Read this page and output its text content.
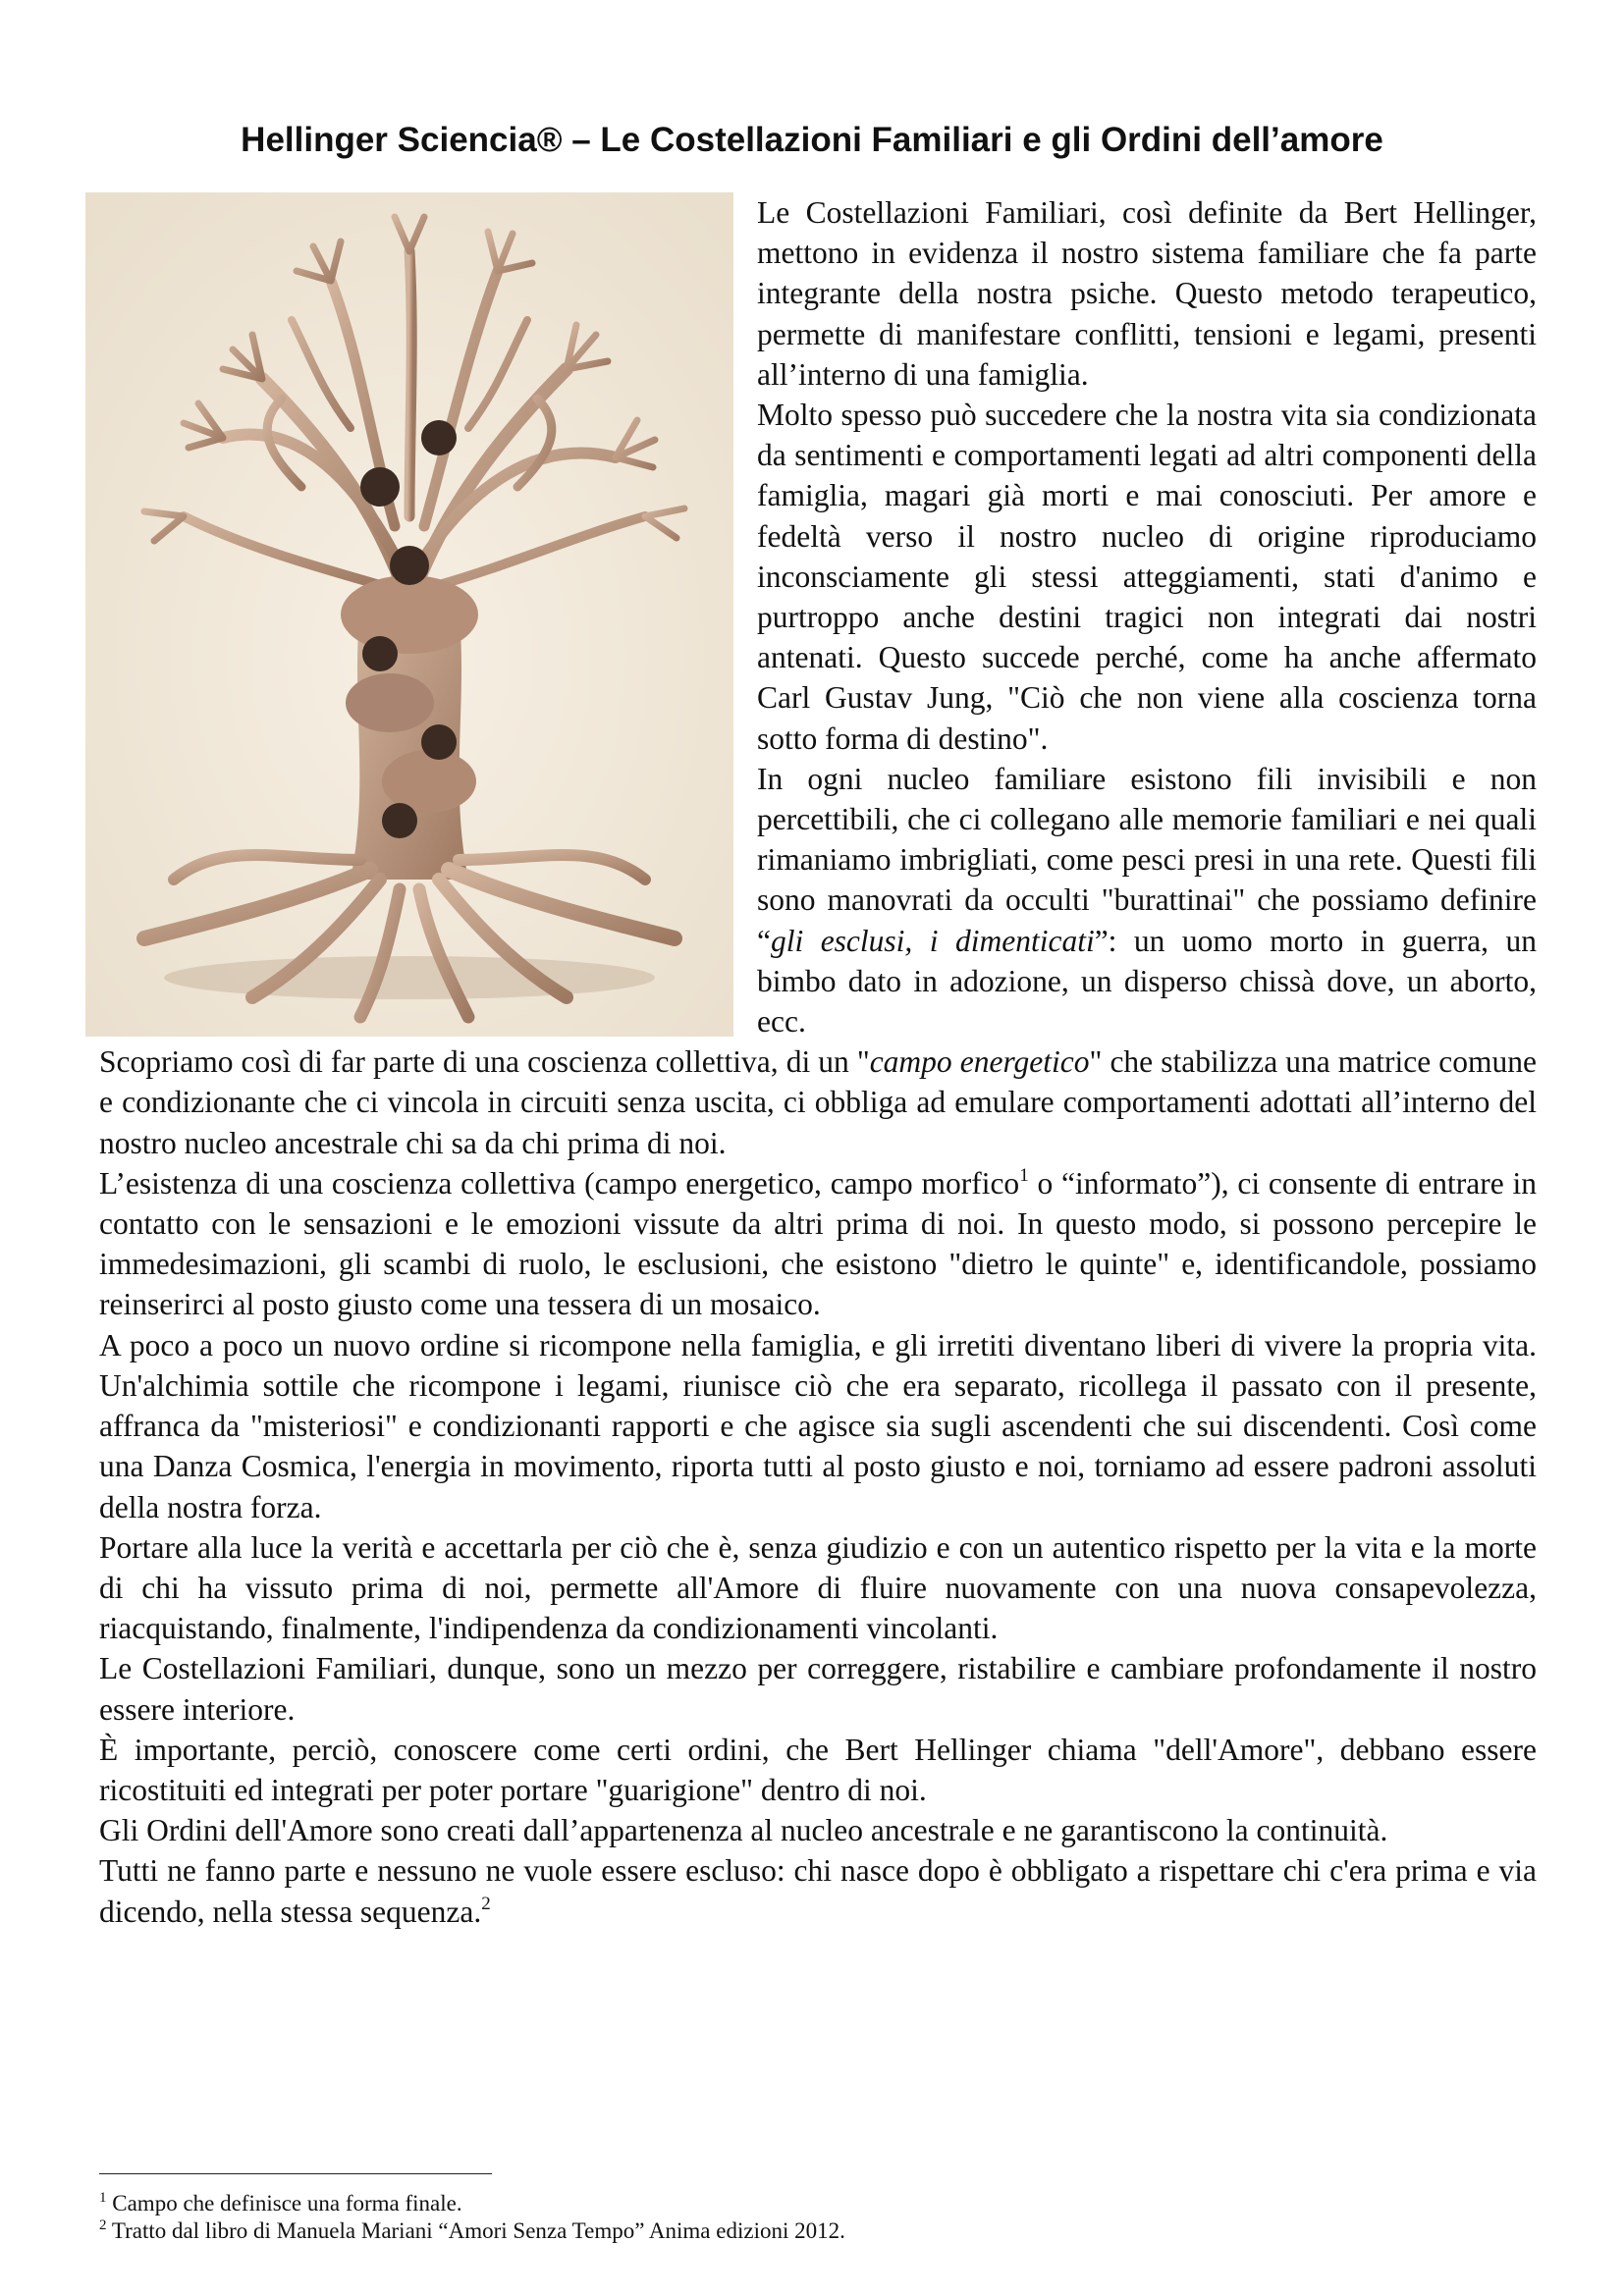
Hellinger Sciencia® – Le Costellazioni Familiari e gli Ordini dell’amore

Le Costellazioni Familiari, così definite da Bert Hellinger, mettono in evidenza il nostro sistema familiare che fa parte integrante della nostra psiche. Questo metodo terapeutico, permette di manifestare conflitti, tensioni e legami, presenti all’interno di una famiglia.

Molto spesso può succedere che la nostra vita sia condizionata da sentimenti e comportamenti legati ad altri componenti della famiglia, magari già morti e mai conosciuti. Per amore e fedeltà verso il nostro nucleo di origine riproduciamo inconsciamente gli stessi atteggiamenti, stati d'animo e purtroppo anche destini tragici non integrati dai nostri antenati. Questo succede perché, come ha anche affermato Carl Gustav Jung, "Ciò che non viene alla coscienza torna sotto forma di destino".

In ogni nucleo familiare esistono fili invisibili e non percettibili, che ci collegano alle memorie familiari e nei quali rimaniamo imbrigliati, come pesci presi in una rete. Questi fili sono manovrati da occulti "burattinai" che possiamo definire “gli esclusi, i dimenticati”: un uomo morto in guerra, un bimbo dato in adozione, un disperso chissà dove, un aborto, ecc.

Scopriamo così di far parte di una coscienza collettiva, di un "campo energetico" che stabilizza una matrice comune e condizionante che ci vincola in circuiti senza uscita, ci obbliga ad emulare comportamenti adottati all’interno del nostro nucleo ancestrale chi sa da chi prima di noi.

L’esistenza di una coscienza collettiva (campo energetico, campo morfico$^1$ o “informato”), ci consente di entrare in contatto con le sensazioni e le emozioni vissute da altri prima di noi. In questo modo, si possono percepire le immedesimazioni, gli scambi di ruolo, le esclusioni, che esistono "dietro le quinte" e, identificandole, possiamo reinserirci al posto giusto come una tessera di un mosaico.

A poco a poco un nuovo ordine si ricompone nella famiglia, e gli irretiti diventano liberi di vivere la propria vita. Un'alchimia sottile che ricompone i legami, riunisce ciò che era separato, ricollega il passato con il presente, affranca da "misteriosi" e condizionanti rapporti e che agisce sia sugli ascendenti che sui discendenti. Così come una Danza Cosmica, l'energia in movimento, riporta tutti al posto giusto e noi, torniamo ad essere padroni assoluti della nostra forza.

Portare alla luce la verità e accettarla per ciò che è, senza giudizio e con un autentico rispetto per la vita e la morte di chi ha vissuto prima di noi, permette all'Amore di fluire nuovamente con una nuova consapevolezza, riacquistando, finalmente, l'indipendenza da condizionamenti vincolanti.

Le Costellazioni Familiari, dunque, sono un mezzo per correggere, ristabilire e cambiare profondamente il nostro essere interiore.

È importante, perciò, conoscere come certi ordini, che Bert Hellinger chiama "dell'Amore", debbano essere ricostituiti ed integrati per poter portare "guarigione" dentro di noi.

Gli Ordini dell'Amore sono creati dall’appartenenza al nucleo ancestrale e ne garantiscono la continuità.

Tutti ne fanno parte e nessuno ne vuole essere escluso: chi nasce dopo è obbligato a rispettare chi c'era prima e via dicendo, nella stessa sequenza.$^2$

$^1$ Campo che definisce una forma finale.
$^2$ Tratto dal libro di Manuela Mariani “Amori Senza Tempo” Anima edizioni 2012.
